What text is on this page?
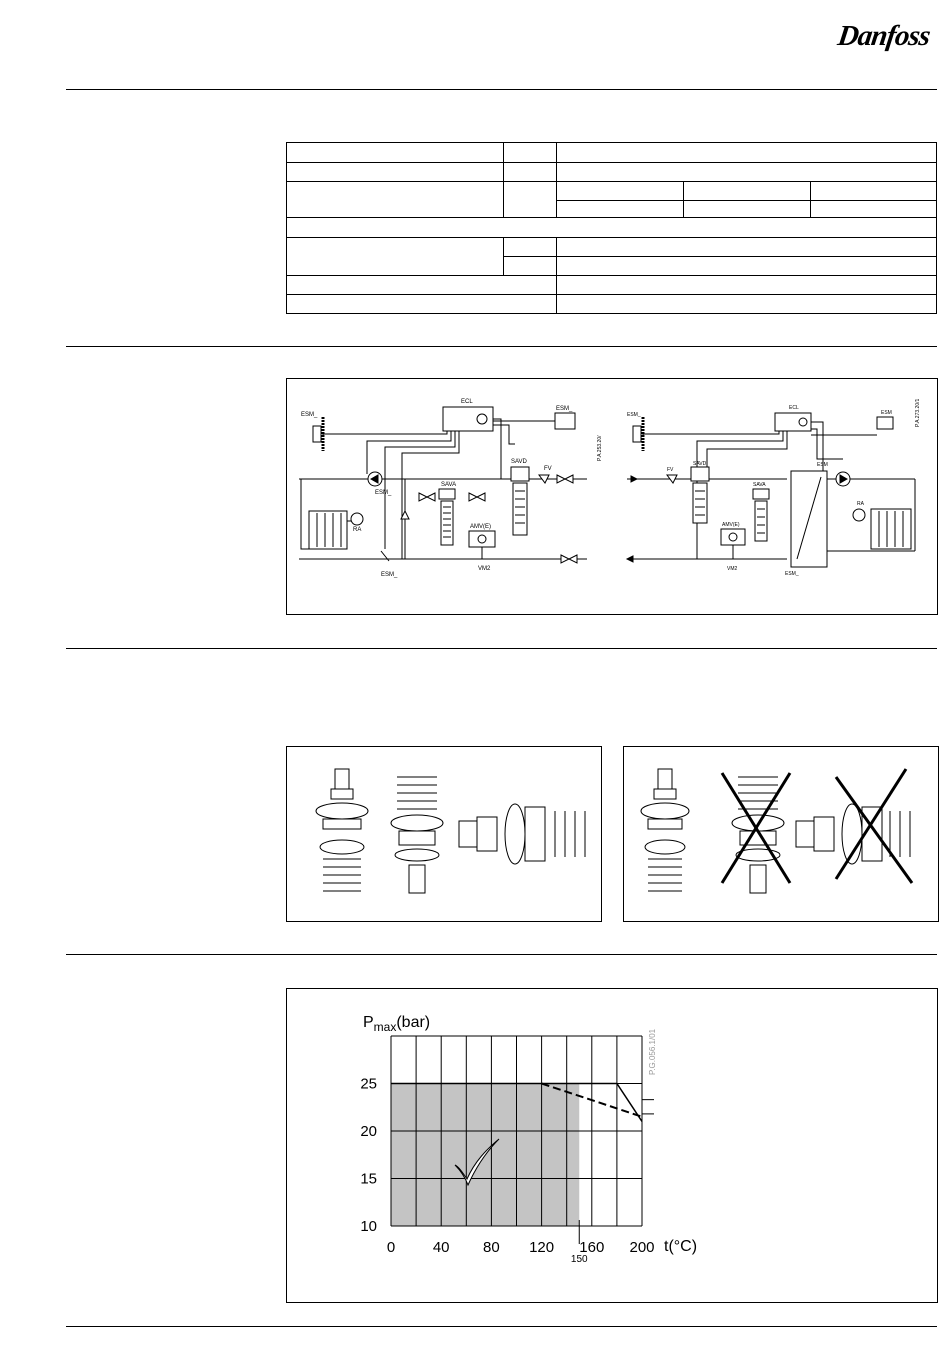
Danfoss

ESM_
ECL
ESM_
P.A.253.20/
ESM_
RA
SAVA
SAVD
FV
AMV(E)
VM2
ESM_
ESM_
ECL
ESM	P.A.273.20/1
FV
SAVD
SAVA
ESM
RA
AMV(E)
VM2
ESM_
0	40 80 120 160 200
10
15
20
25
150
$P_{max}(bar)$
t(°C)
P.G.056.1/01
